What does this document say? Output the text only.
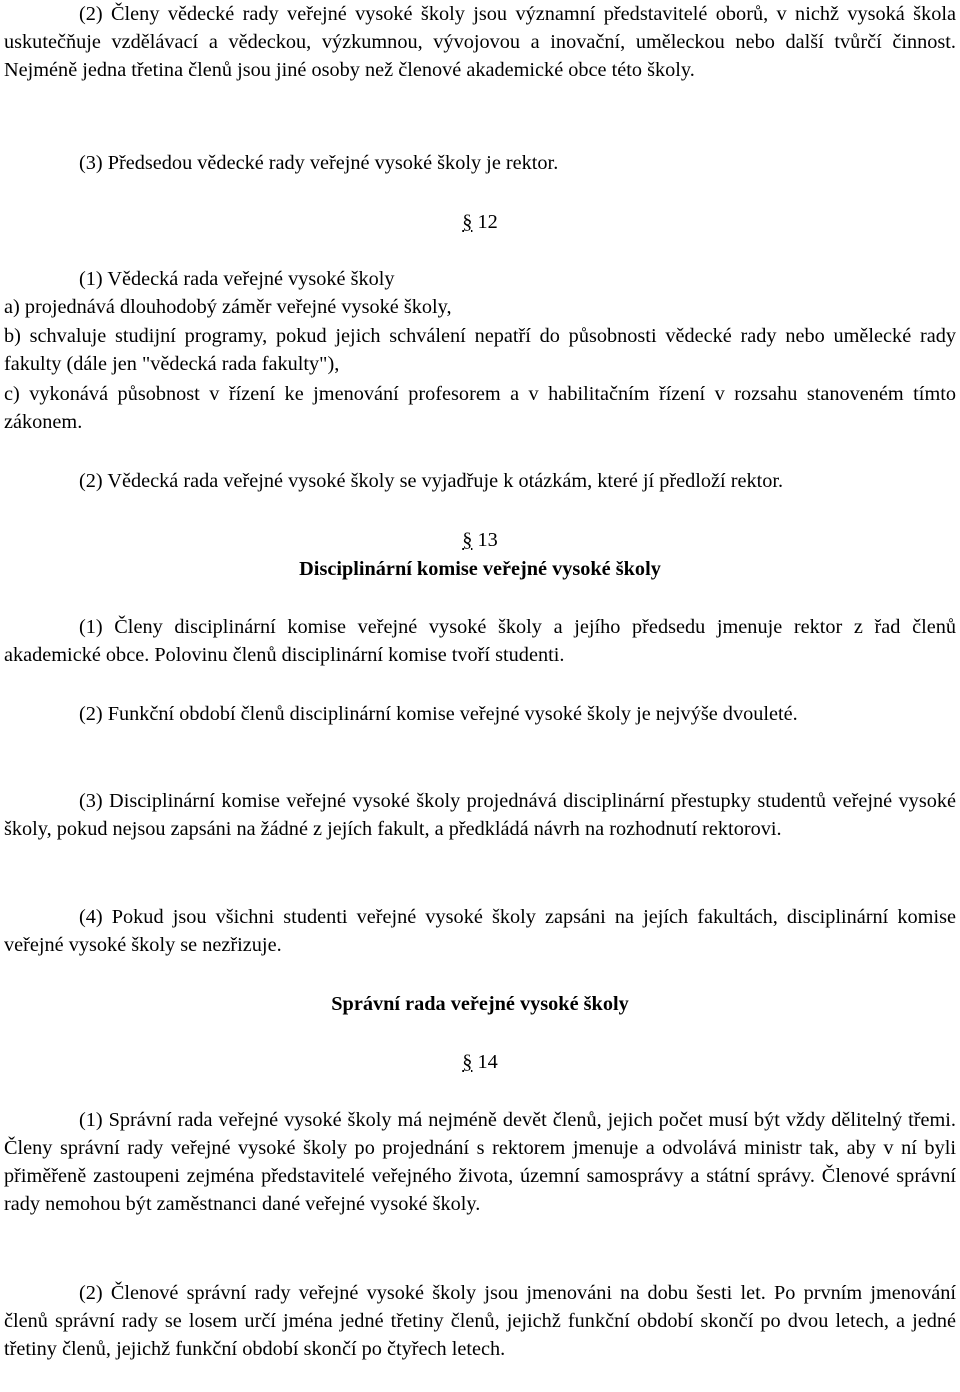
(2) Členy vědecké rady veřejné vysoké školy jsou významní představitelé oborů, v nichž vysoká škola uskutečňuje vzdělávací a vědeckou, výzkumnou, vývojovou a inovační, uměleckou nebo další tvůrčí činnost. Nejméně jedna třetina členů jsou jiné osoby než členové akademické obce této školy.

(3) Předsedou vědecké rady veřejné vysoké školy je rektor.

§ 12

(1) Vědecká rada veřejné vysoké školy

a) projednává dlouhodobý záměr veřejné vysoké školy,

b) schvaluje studijní programy, pokud jejich schválení nepatří do působnosti vědecké rady nebo umělecké rady fakulty (dále jen "vědecká rada fakulty"),

c) vykonává působnost v řízení ke jmenování profesorem a v habilitačním řízení v rozsahu stanoveném tímto zákonem.

(2) Vědecká rada veřejné vysoké školy se vyjadřuje k otázkám, které jí předloží rektor.

§ 13
Disciplinární komise veřejné vysoké školy

(1) Členy disciplinární komise veřejné vysoké školy a jejího předsedu jmenuje rektor z řad členů akademické obce. Polovinu členů disciplinární komise tvoří studenti.

(2) Funkční období členů disciplinární komise veřejné vysoké školy je nejvýše dvouleté.

(3) Disciplinární komise veřejné vysoké školy projednává disciplinární přestupky studentů veřejné vysoké školy, pokud nejsou zapsáni na žádné z jejích fakult, a předkládá návrh na rozhodnutí rektorovi.

(4) Pokud jsou všichni studenti veřejné vysoké školy zapsáni na jejích fakultách, disciplinární komise veřejné vysoké školy se nezřizuje.

Správní rada veřejné vysoké školy
§ 14

(1) Správní rada veřejné vysoké školy má nejméně devět členů, jejich počet musí být vždy dělitelný třemi. Členy správní rady veřejné vysoké školy po projednání s rektorem jmenuje a odvolává ministr tak, aby v ní byli přiměřeně zastoupeni zejména představitelé veřejného života, územní samosprávy a státní správy. Členové správní rady nemohou být zaměstnanci dané veřejné vysoké školy.

(2) Členové správní rady veřejné vysoké školy jsou jmenováni na dobu šesti let. Po prvním jmenování členů správní rady se losem určí jména jedné třetiny členů, jejichž funkční období skončí po dvou letech, a jedné třetiny členů, jejichž funkční období skončí po čtyřech letech.
